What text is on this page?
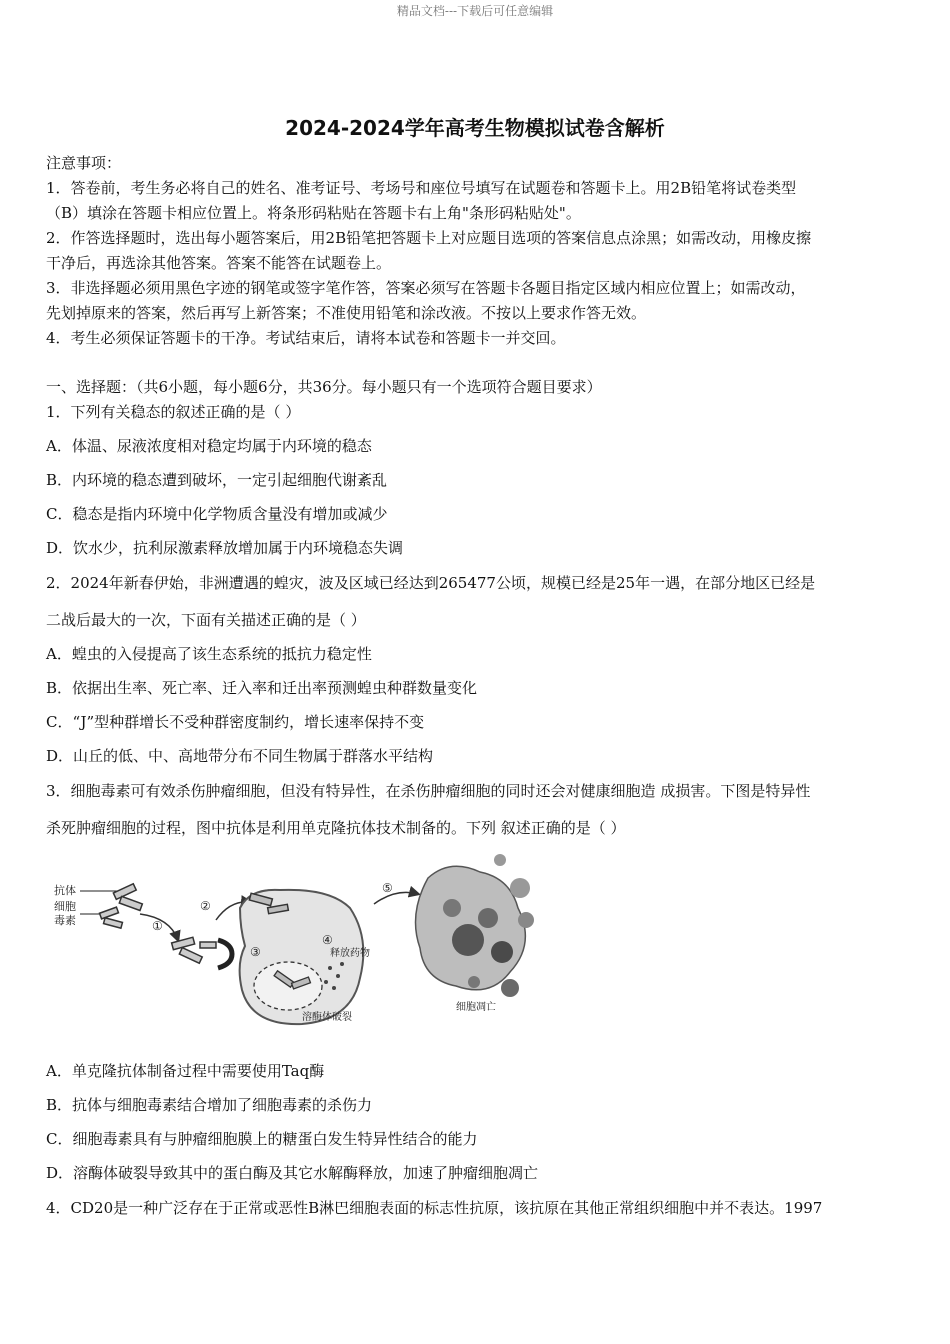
精品文档---下载后可任意编辑
2024-2024学年高考生物模拟试卷含解析
注意事项：
1．答卷前，考生务必将自己的姓名、准考证号、考场号和座位号填写在试题卷和答题卡上。用2B铅笔将试卷类型
（B）填涂在答题卡相应位置上。将条形码粘贴在答题卡右上角"条形码粘贴处"。
2．作答选择题时，选出每小题答案后，用2B铅笔把答题卡上对应题目选项的答案信息点涂黑；如需改动，用橡皮擦
干净后，再选涂其他答案。答案不能答在试题卷上。
3．非选择题必须用黑色字迹的钢笔或签字笔作答，答案必须写在答题卡各题目指定区域内相应位置上；如需改动，
先划掉原来的答案，然后再写上新答案；不准使用铅笔和涂改液。不按以上要求作答无效。
4．考生必须保证答题卡的干净。考试结束后，请将本试卷和答题卡一并交回。
一、选择题：（共6小题，每小题6分，共36分。每小题只有一个选项符合题目要求）
1．下列有关稳态的叙述正确的是（ ）
A．体温、尿液浓度相对稳定均属于内环境的稳态
B．内环境的稳态遭到破坏，一定引起细胞代谢紊乱
C．稳态是指内环境中化学物质含量没有增加或减少
D．饮水少，抗利尿激素释放增加属于内环境稳态失调
2．2024年新春伊始，非洲遭遇的蝗灾，波及区域已经达到265477公顷，规模已经是25年一遇，在部分地区已经是
二战后最大的一次，下面有关描述正确的是（ ）
A．蝗虫的入侵提高了该生态系统的抵抗力稳定性
B．依据出生率、死亡率、迁入率和迁出率预测蝗虫种群数量变化
C．“J”型种群增长不受种群密度制约，增长速率保持不变
D．山丘的低、中、高地带分布不同生物属于群落水平结构
3．细胞毒素可有效杀伤肿瘤细胞，但没有特异性，在杀伤肿瘤细胞的同时还会对健康细胞造 成损害。下图是特异性
杀死肿瘤细胞的过程，图中抗体是利用单克隆抗体技术制备的。下列 叙述正确的是（ ）
抗体
细胞
毒素	①
②
③
④
释放药物
溶酶体破裂
⑤
细胞凋亡
A．单克隆抗体制备过程中需要使用Taq酶
B．抗体与细胞毒素结合增加了细胞毒素的杀伤力
C．细胞毒素具有与肿瘤细胞膜上的糖蛋白发生特异性结合的能力
D．溶酶体破裂导致其中的蛋白酶及其它水解酶释放，加速了肿瘤细胞凋亡
4．CD20是一种广泛存在于正常或恶性B淋巴细胞表面的标志性抗原，该抗原在其他正常组织细胞中并不表达。1997
